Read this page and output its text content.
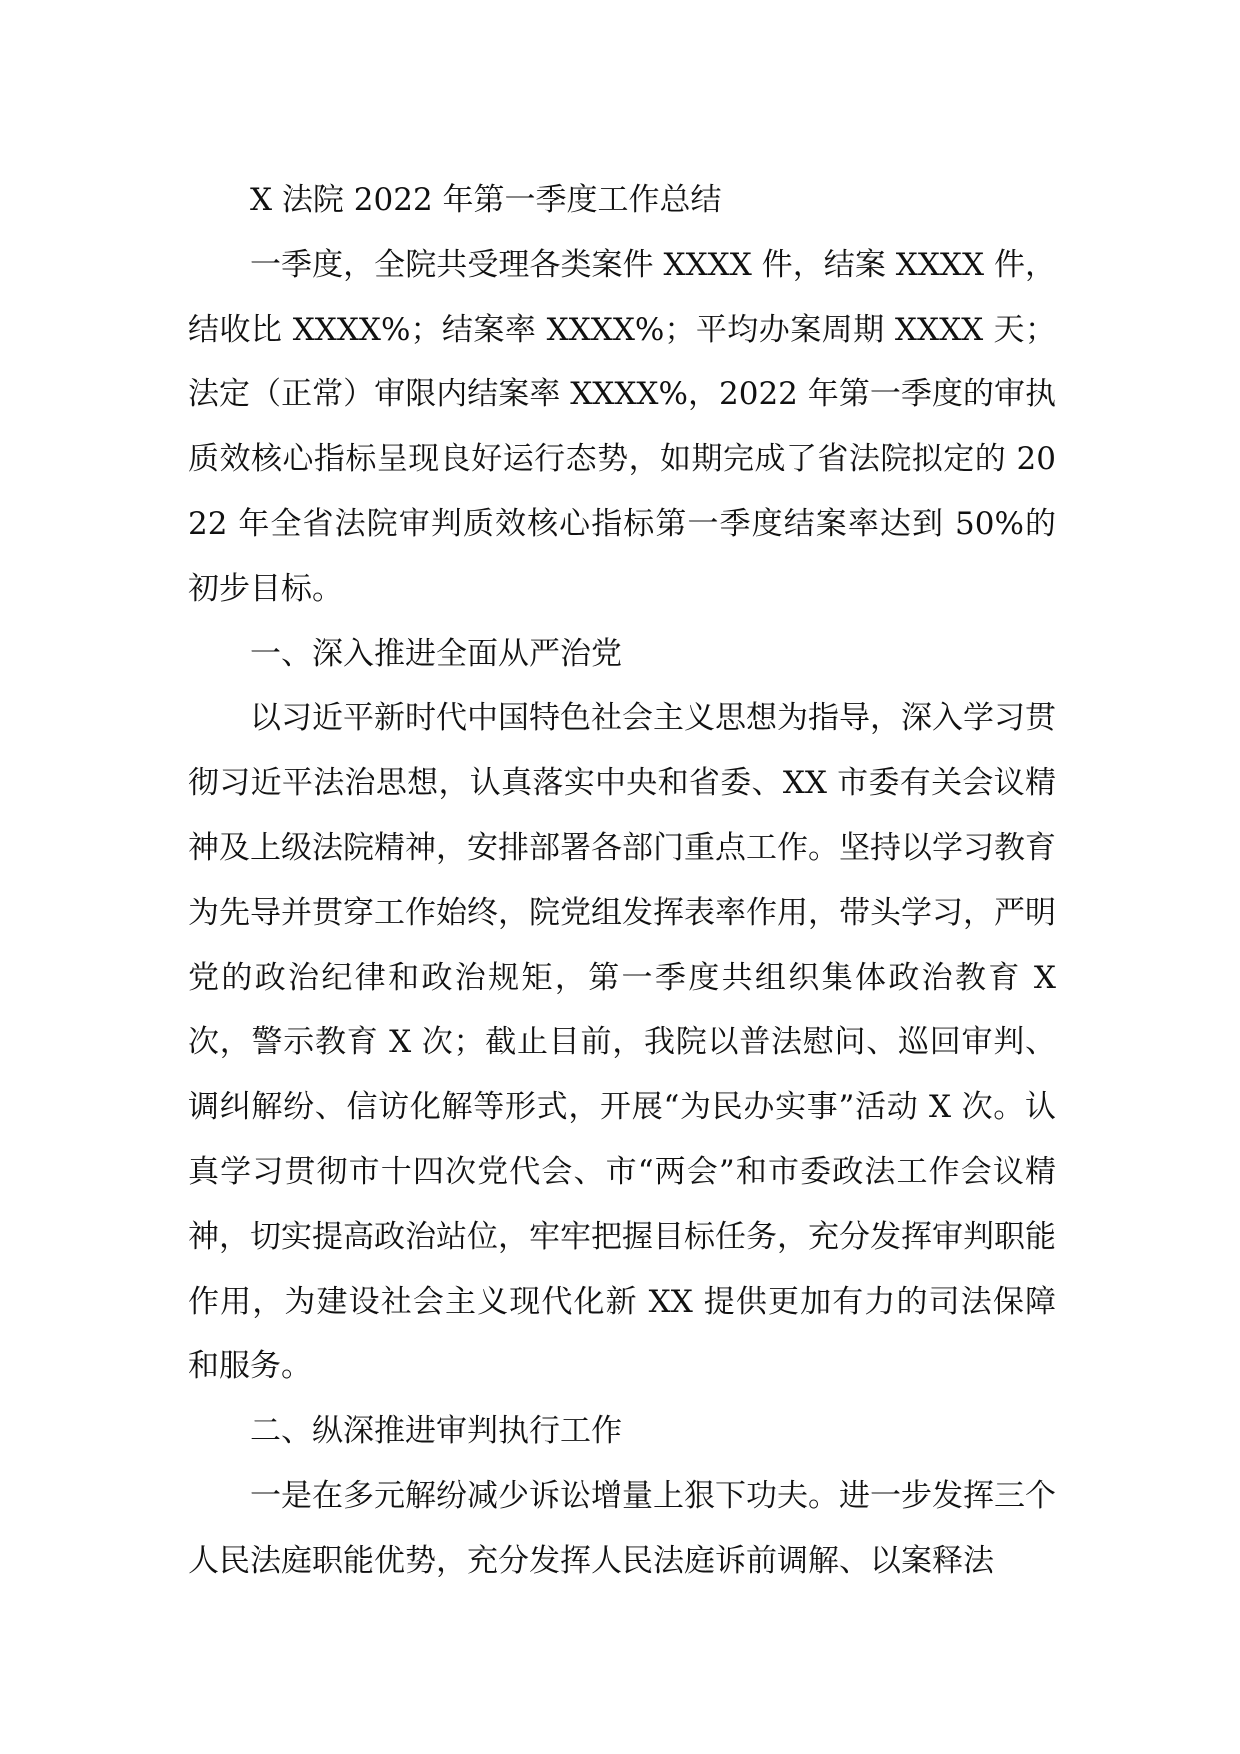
X 法院 2022 年第一季度工作总结

一季度，全院共受理各类案件 XXXX 件，结案 XXXX 件，结收比 XXXX%；结案率 XXXX%；平均办案周期 XXXX 天；法定（正常）审限内结案率 XXXX%，2022 年第一季度的审执质效核心指标呈现良好运行态势，如期完成了省法院拟定的 2022 年全省法院审判质效核心指标第一季度结案率达到 50%的初步目标。

一、深入推进全面从严治党

以习近平新时代中国特色社会主义思想为指导，深入学习贯彻习近平法治思想，认真落实中央和省委、XX 市委有关会议精神及上级法院精神，安排部署各部门重点工作。坚持以学习教育为先导并贯穿工作始终，院党组发挥表率作用，带头学习，严明党的政治纪律和政治规矩，第一季度共组织集体政治教育 X 次，警示教育 X 次；截止目前，我院以普法慰问、巡回审判、调纠解纷、信访化解等形式，开展“为民办实事”活动 X 次。认真学习贯彻市十四次党代会、市“两会”和市委政法工作会议精神，切实提高政治站位，牢牢把握目标任务，充分发挥审判职能作用，为建设社会主义现代化新 XX 提供更加有力的司法保障和服务。

二、纵深推进审判执行工作

一是在多元解纷减少诉讼增量上狠下功夫。进一步发挥三个人民法庭职能优势，充分发挥人民法庭诉前调解、以案释法
